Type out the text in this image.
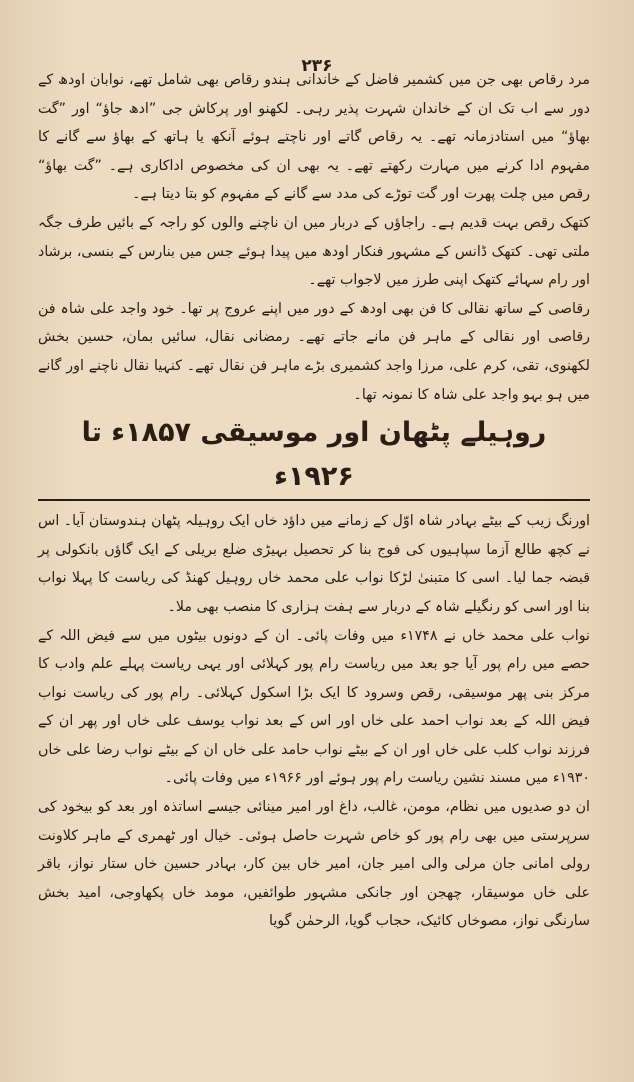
۲۳۶

مرد رقاص بھی جن میں کشمیر فاضل کے خاندانی ہندو رقاص بھی شامل تھے، نوابان اودھ کے دور سے اب تک ان کے خاندان شہرت پذیر رہی۔ لکھنو اور پرکاش جی ”ادھ جاؤ“ اور ”گت بھاؤ“ میں استادزمانہ تھے۔ یہ رقاص گاتے اور ناچتے ہوئے آنکھ یا ہاتھ کے بھاؤ سے گانے کا مفہوم ادا کرنے میں مہارت رکھتے تھے۔ یہ بھی ان کی مخصوص اداکاری ہے۔ ”گت بھاؤ“ رقص میں چلت پھرت اور گت توڑے کی مدد سے گانے کے مفہوم کو بتا دیتا ہے۔

کتھک رقص بہت قدیم ہے۔ راجاؤں کے دربار میں ان ناچنے والوں کو راجہ کے بائیں طرف جگہ ملتی تھی۔ کتھک ڈانس کے مشہور فنکار اودھ میں پیدا ہوئے جس میں بنارس کے بنسی، برشاد اور رام سہائے کتھک اپنی طرز میں لاجواب تھے۔

رقاصی کے ساتھ نقالی کا فن بھی اودھ کے دور میں اپنے عروج پر تھا۔ خود واجد علی شاہ فن رقاصی اور نقالی کے ماہر فن مانے جاتے تھے۔ رمضانی نقال، سائیں بمان، حسین بخش لکھنوی، تقی، کرم علی، مرزا واجد کشمیری بڑے ماہر فن نقال تھے۔ کنہیا نقال ناچنے اور گانے میں ہو بہو واجد علی شاہ کا نمونہ تھا۔

روہیلے پٹھان اور موسیقی ۱۸۵۷ء تا ۱۹۲۶ء

اورنگ زیب کے بیٹے بہادر شاہ اوّل کے زمانے میں داؤد خاں ایک روہیلہ پٹھان ہندوستان آیا۔ اس نے کچھ طالع آزما سپاہیوں کی فوج بنا کر تحصیل بہیڑی ضلع بریلی کے ایک گاؤں بانکولی پر قبضہ جما لیا۔ اسی کا متبنیٰ لڑکا نواب علی محمد خاں روہیل کھنڈ کی ریاست کا پہلا نواب بنا اور اسی کو رنگیلے شاہ کے دربار سے ہفت ہزاری کا منصب بھی ملا۔

نواب علی محمد خاں نے ۱۷۴۸ء میں وفات پائی۔ ان کے دونوں بیٹوں میں سے فیض اللہ کے حصے میں رام پور آیا جو بعد میں ریاست رام پور کہلائی اور یہی ریاست پہلے علم وادب کا مرکز بنی پھر موسیقی، رقص وسرود کا ایک بڑا اسکول کہلائی۔ رام پور کی ریاست نواب فیض اللہ کے بعد نواب احمد علی خاں اور اس کے بعد نواب یوسف علی خاں اور پھر ان کے فرزند نواب کلب علی خاں اور ان کے بیٹے نواب حامد علی خاں ان کے بیٹے نواب رضا علی خاں ۱۹۳۰ء میں مسند نشین ریاست رام پور ہوئے اور ۱۹۶۶ء میں وفات پائی۔

ان دو صدیوں میں نظام، مومن، غالب، داغ اور امیر مینائی جیسے اساتذہ اور بعد کو بیخود کی سرپرستی میں بھی رام پور کو خاص شہرت حاصل ہوئی۔ خیال اور ٹھمری کے ماہر کلاونت رولی امانی جان مرلی والی امیر جان، امیر خاں بین کار، بہادر حسین خاں ستار نواز، باقر علی خاں موسیقار، چھجن اور جانکی مشہور طوائفیں، مومد خاں پکھاوجی، امید بخش سارنگی نواز، مصوخاں کائیک، حجاب گویا، الرحمٰن گویا
